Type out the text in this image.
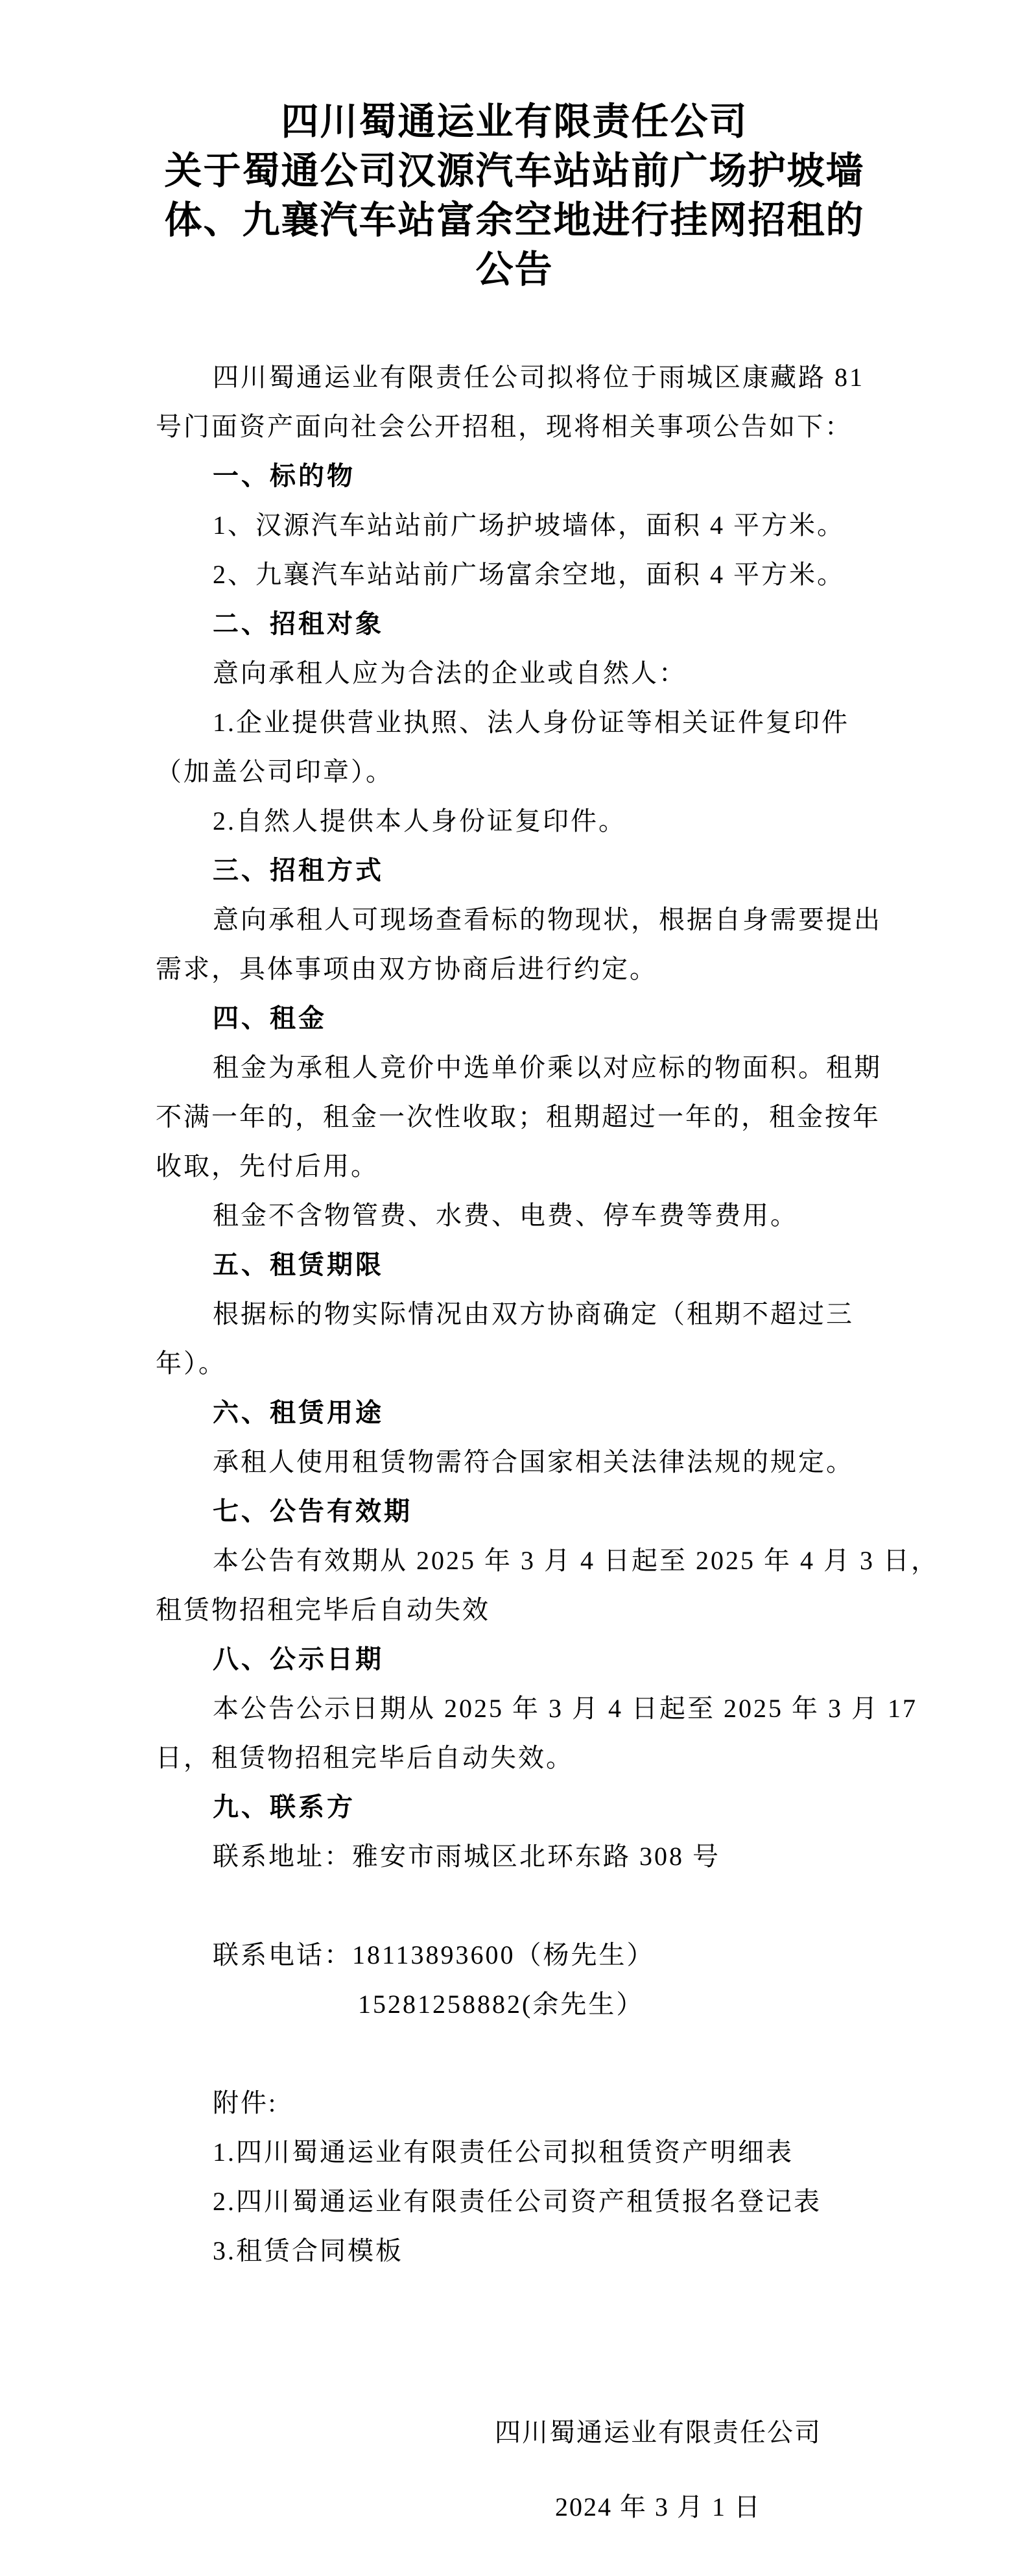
四川蜀通运业有限责任公司
关于蜀通公司汉源汽车站站前广场护坡墙
体、九襄汽车站富余空地进行挂网招租的
公告

四川蜀通运业有限责任公司拟将位于雨城区康藏路 81

号门面资产面向社会公开招租，现将相关事项公告如下：

一、标的物

1、汉源汽车站站前广场护坡墙体，面积 4 平方米。

2、九襄汽车站站前广场富余空地，面积 4 平方米。

二、招租对象

意向承租人应为合法的企业或自然人：

1.企业提供营业执照、法人身份证等相关证件复印件

（加盖公司印章）。

2.自然人提供本人身份证复印件。

三、招租方式

意向承租人可现场查看标的物现状，根据自身需要提出

需求，具体事项由双方协商后进行约定。

四、租金

租金为承租人竞价中选单价乘以对应标的物面积。租期

不满一年的，租金一次性收取；租期超过一年的，租金按年

收取，先付后用。

租金不含物管费、水费、电费、停车费等费用。

五、租赁期限

根据标的物实际情况由双方协商确定（租期不超过三

年）。

六、租赁用途

承租人使用租赁物需符合国家相关法律法规的规定。

七、公告有效期

本公告有效期从 2025 年 3 月 4 日起至 2025 年 4 月 3 日，

租赁物招租完毕后自动失效

八、公示日期

本公告公示日期从 2025 年 3 月 4 日起至 2025 年 3 月 17

日，租赁物招租完毕后自动失效。

九、联系方

联系地址：雅安市雨城区北环东路 308 号

联系电话：18113893600（杨先生）

15281258882(余先生）

附件:

1.四川蜀通运业有限责任公司拟租赁资产明细表

2.四川蜀通运业有限责任公司资产租赁报名登记表

3.租赁合同模板

四川蜀通运业有限责任公司
2024 年 3 月 1 日
